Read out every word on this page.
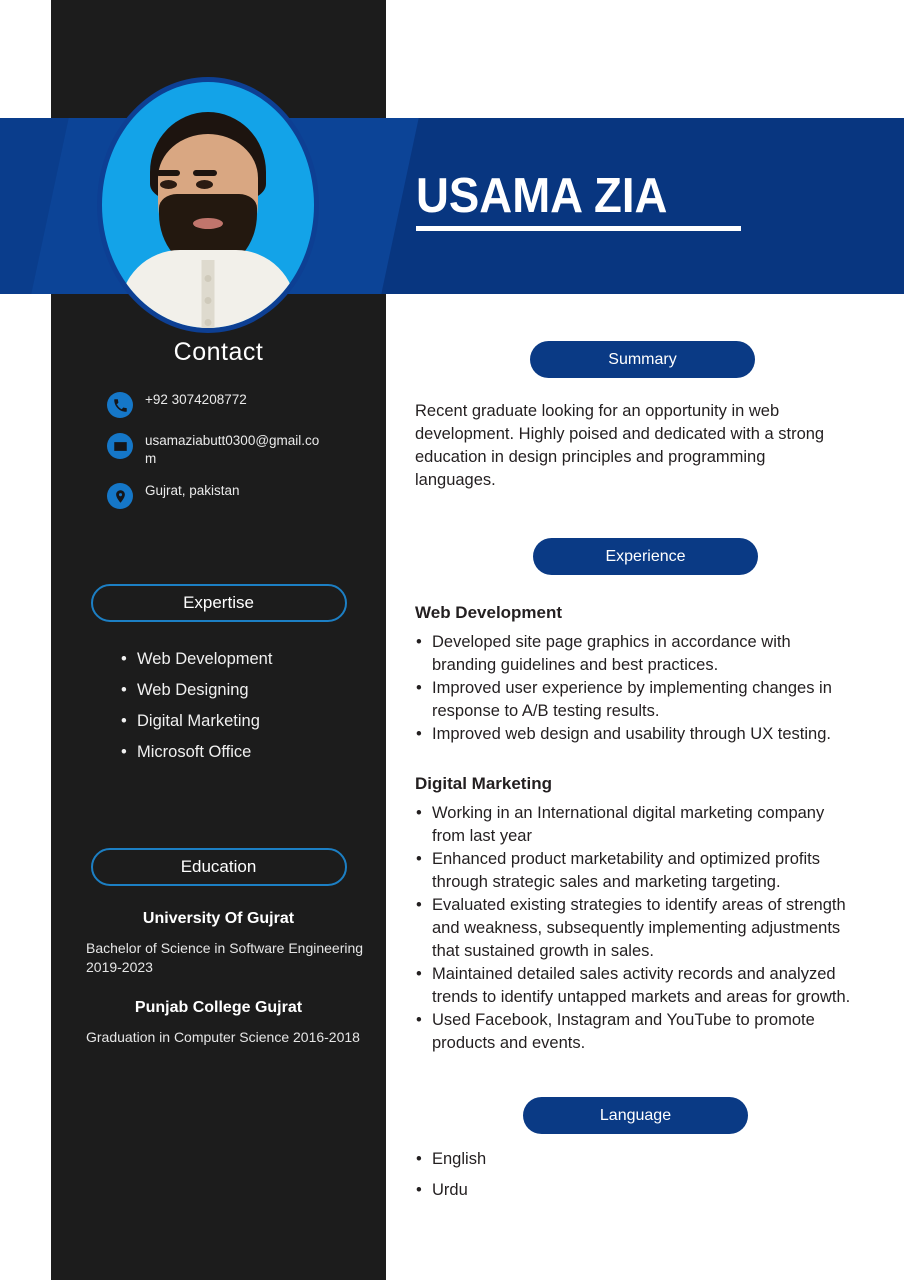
USAMA ZIA
Contact
+92 3074208772
usamaziabutt0300@gmail.com
Gujrat, pakistan
Expertise
• Web Development
• Web Designing
• Digital Marketing
• Microsoft Office
Education
University Of Gujrat
Bachelor of Science in Software Engineering 2019-2023
Punjab College Gujrat
Graduation in Computer Science 2016-2018
Summary
Recent graduate looking for an opportunity in web development. Highly poised and dedicated with a strong education in design principles and programming languages.
Experience
Web Development
• Developed site page graphics in accordance with branding guidelines and best practices.
• Improved user experience by implementing changes in response to A/B testing results.
• Improved web design and usability through UX testing.
Digital Marketing
• Working in an International digital marketing company from last year
• Enhanced product marketability and optimized profits through strategic sales and marketing targeting.
• Evaluated existing strategies to identify areas of strength and weakness, subsequently implementing adjustments that sustained growth in sales.
• Maintained detailed sales activity records and analyzed trends to identify untapped markets and areas for growth.
• Used Facebook, Instagram and YouTube to promote products and events.
Language
• English
• Urdu
